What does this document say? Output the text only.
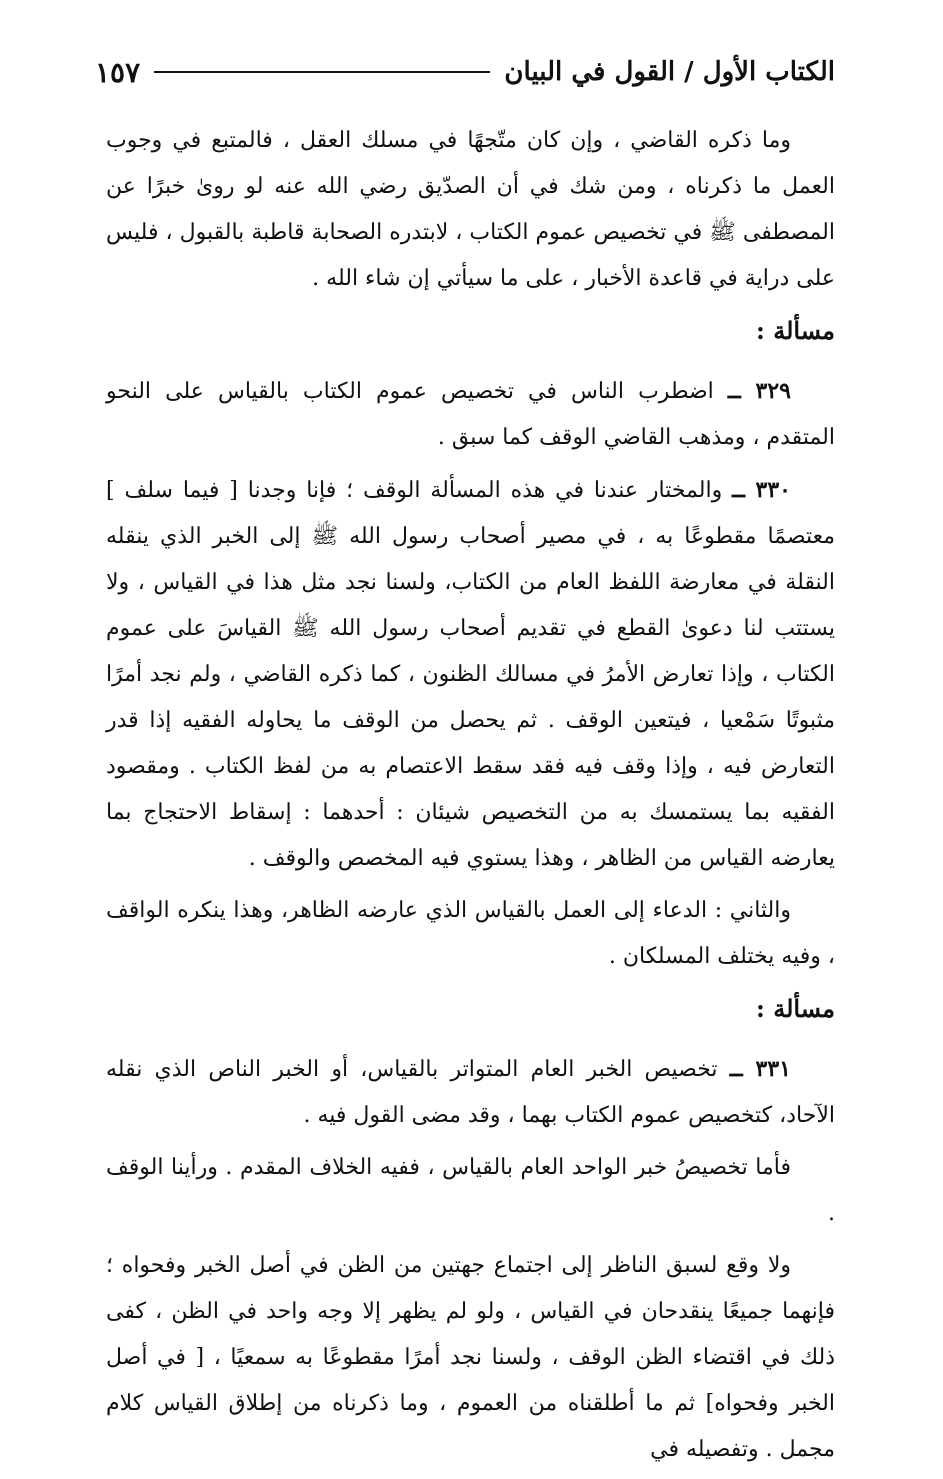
الكتاب الأول / القول في البيان
١٥٧

وما ذكره القاضي ، وإن كان متّجهًا في مسلك العقل ، فالمتبع في وجوب العمل ما ذكرناه ، ومن شك في أن الصدّيق رضي الله عنه لو روىٰ خبرًا عن المصطفى ﷺ في تخصيص عموم الكتاب ، لابتدره الصحابة قاطبة بالقبول ، فليس على دراية في قاعدة الأخبار ، على ما سيأتي إن شاء الله .

مسألة :

٣٢٩ ــ اضطرب الناس في تخصيص عموم الكتاب بالقياس على النحو المتقدم ، ومذهب القاضي الوقف كما سبق .

٣٣٠ ــ والمختار عندنا في هذه المسألة الوقف ؛ فإنا وجدنا [ فيما سلف ] معتصمًا مقطوعًا به ، في مصير أصحاب رسول الله ﷺ إلى الخبر الذي ينقله النقلة في معارضة اللفظ العام من الكتاب، ولسنا نجد مثل هذا في القياس ، ولا يستتب لنا دعوىٰ القطع في تقديم أصحاب رسول الله ﷺ القياسَ على عموم الكتاب ، وإذا تعارض الأمرُ في مسالك الظنون ، كما ذكره القاضي ، ولم نجد أمرًا مثبوتًا سَمْعيا ، فيتعين الوقف . ثم يحصل من الوقف ما يحاوله الفقيه إذا قدر التعارض فيه ، وإذا وقف فيه فقد سقط الاعتصام به من لفظ الكتاب . ومقصود الفقيه بما يستمسك به من التخصيص شيئان : أحدهما : إسقاط الاحتجاج بما يعارضه القياس من الظاهر ، وهذا يستوي فيه المخصص والوقف .

والثاني : الدعاء إلى العمل بالقياس الذي عارضه الظاهر، وهذا ينكره الواقف ، وفيه يختلف المسلكان .

مسألة :

٣٣١ ــ تخصيص الخبر العام المتواتر بالقياس، أو الخبر الناص الذي نقله الآحاد، كتخصيص عموم الكتاب بهما ، وقد مضى القول فيه .

فأما تخصيصُ خبر الواحد العام بالقياس ، ففيه الخلاف المقدم . ورأينا الوقف .

ولا وقع لسبق الناظر إلى اجتماع جهتين من الظن في أصل الخبر وفحواه ؛ فإنهما جميعًا ينقدحان في القياس ، ولو لم يظهر إلا وجه واحد في الظن ، كفى ذلك في اقتضاء الظن الوقف ، ولسنا نجد أمرًا مقطوعًا به سمعيًا ، [ في أصل الخبر وفحواه] ثم ما أطلقناه من العموم ، وما ذكرناه من إطلاق القياس كلام مجمل . وتفصيله في
